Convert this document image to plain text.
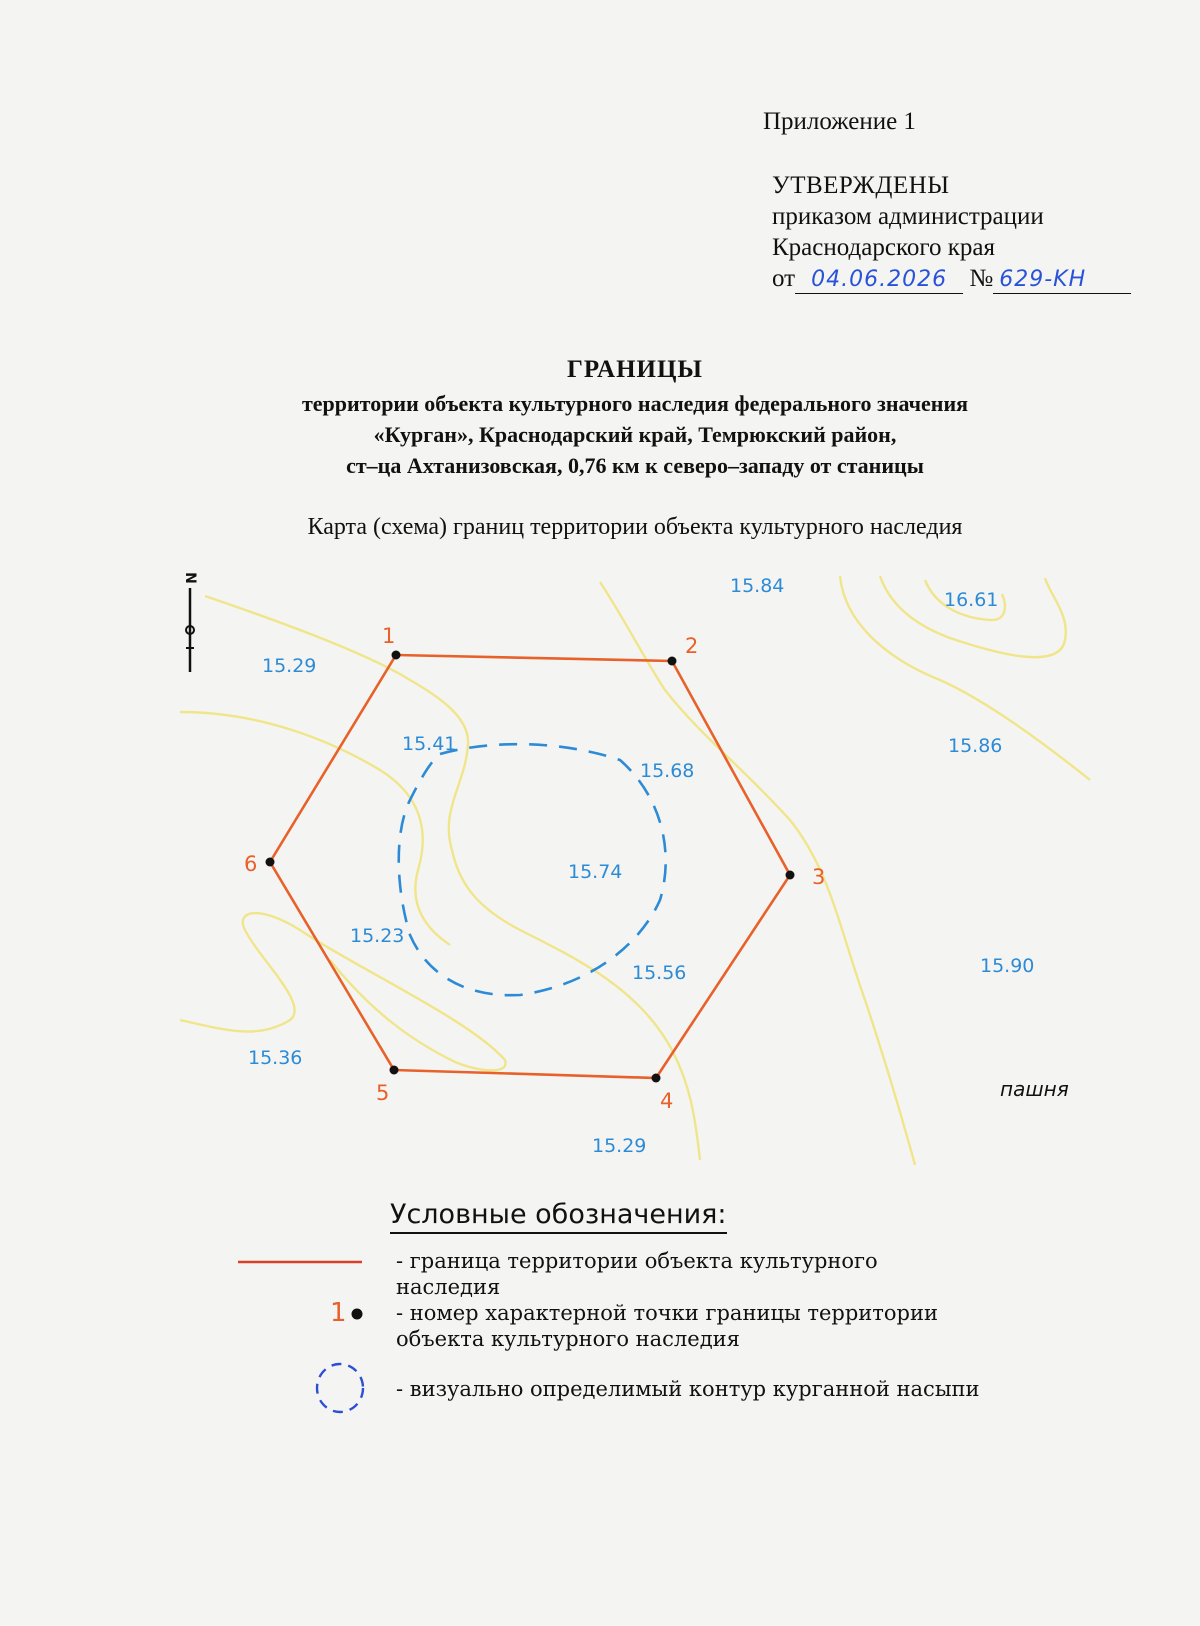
Приложение 1
УТВЕРЖДЕНЫ
приказом администрации
Краснодарского края
от 04.06.2026 № 629-KH
ГРАНИЦЫ
территории объекта культурного наследия федерального значения
«Курган», Краснодарский край, Темрюкский район,
ст–ца Ахтанизовская, 0,76 км к северо–западу от станицы
Карта (схема) границ территории объекта культурного наследия
N
1	2
3
4
5
6
15.84
16.61
15.29
15.86
15.41
15.68
15.74
15.23
15.56	15.90
15.36
15.29
пашня
Условные обозначения:
- граница территории объекта культурного
наследия
1 - номер характерной точки границы территории
объекта культурного наследия
- визуально определимый контур курганной насыпи
